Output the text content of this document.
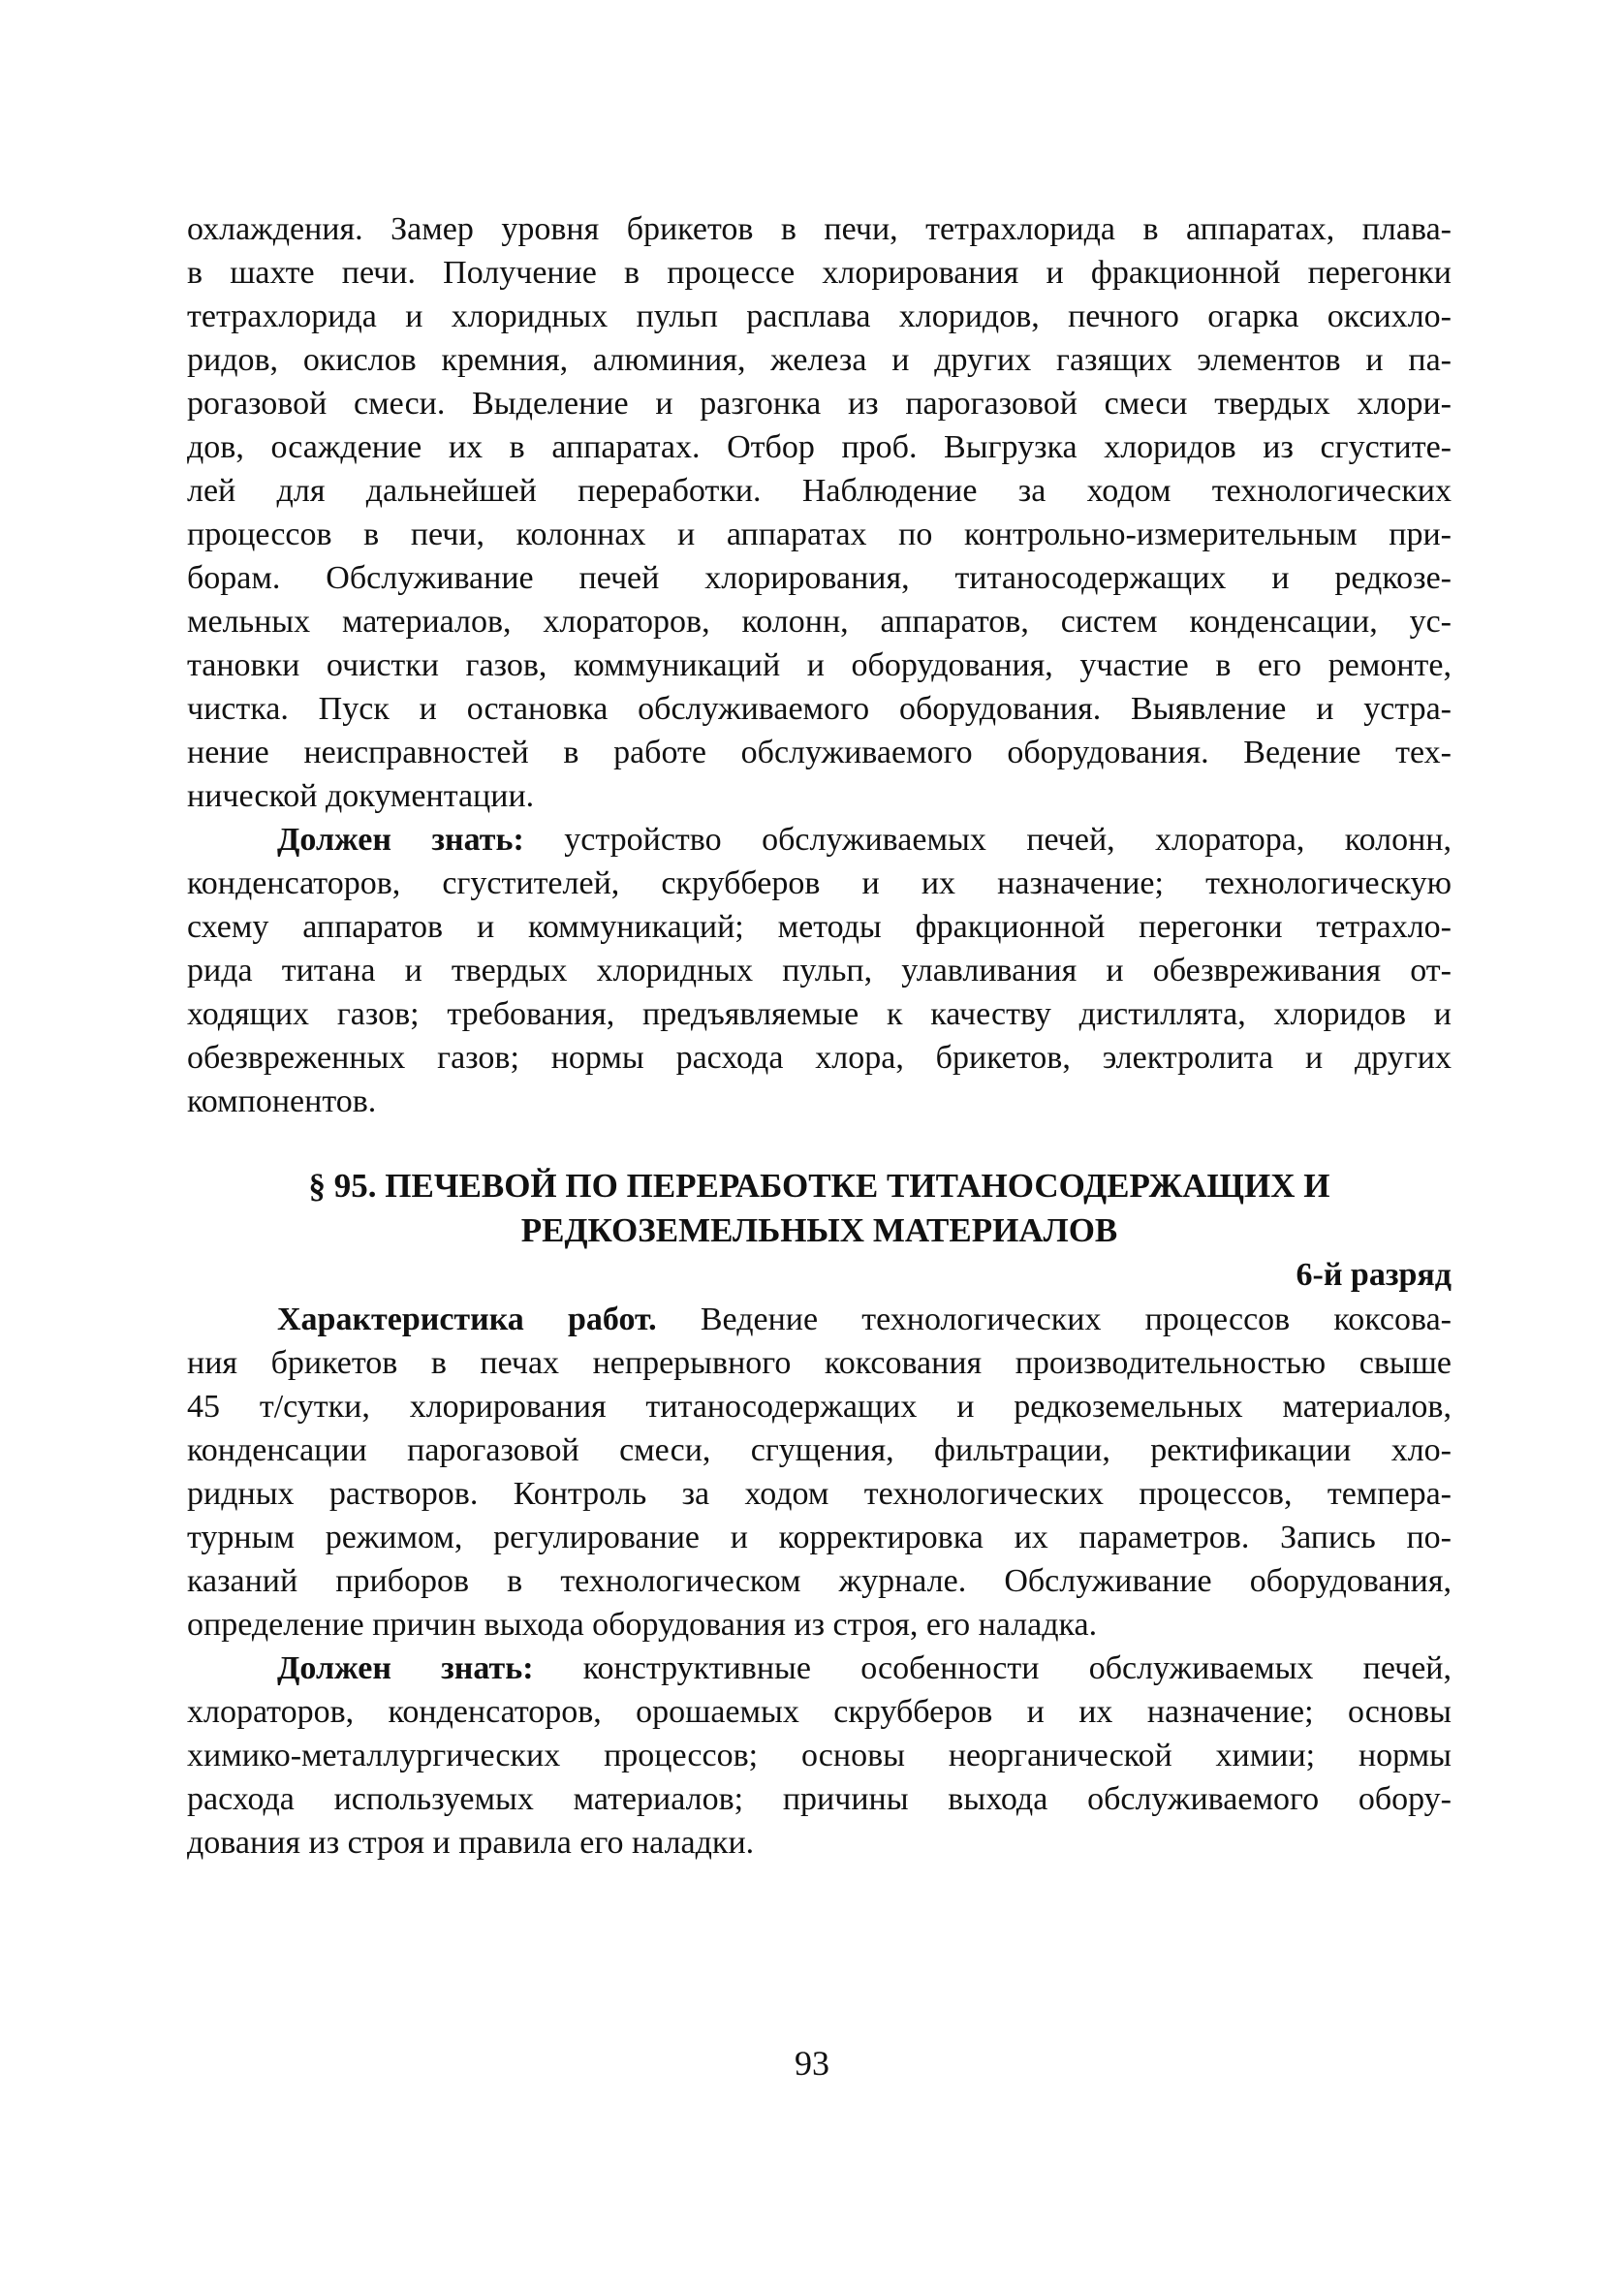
охлаждения. Замер уровня брикетов в печи, тетрахлорида в аппаратах, плава-
в шахте печи. Получение в процессе хлорирования и фракционной перегонки
тетрахлорида и хлоридных пульп расплава хлоридов, печного огарка оксихло-
ридов, окислов кремния, алюминия, железа и других газящих элементов и па-
рогазовой смеси. Выделение и разгонка из парогазовой смеси твердых хлори-
дов, осаждение их в аппаратах. Отбор проб. Выгрузка хлоридов из сгустите-
лей для дальнейшей переработки. Наблюдение за ходом технологических
процессов в печи, колоннах и аппаратах по контрольно-измерительным при-
борам. Обслуживание печей хлорирования, титаносодержащих и редкозе-
мельных материалов, хлораторов, колонн, аппаратов, систем конденсации, ус-
тановки очистки газов, коммуникаций и оборудования, участие в его ремонте,
чистка. Пуск и остановка обслуживаемого оборудования. Выявление и устра-
нение неисправностей в работе обслуживаемого оборудования. Ведение тех-
нической документации.
Должен знать: устройство обслуживаемых печей, хлоратора, колонн,
конденсаторов, сгустителей, скрубберов и их назначение; технологическую
схему аппаратов и коммуникаций; методы фракционной перегонки тетрахло-
рида титана и твердых хлоридных пульп, улавливания и обезвреживания от-
ходящих газов; требования, предъявляемые к качеству дистиллята, хлоридов и
обезвреженных газов; нормы расхода хлора, брикетов, электролита и других
компонентов.
§ 95. ПЕЧЕВОЙ ПО ПЕРЕРАБОТКЕ ТИТАНОСОДЕРЖАЩИХ И
РЕДКОЗЕМЕЛЬНЫХ МАТЕРИАЛОВ
6-й разряд
Характеристика работ. Ведение технологических процессов коксова-
ния брикетов в печах непрерывного коксования производительностью свыше
45 т/сутки, хлорирования титаносодержащих и редкоземельных материалов,
конденсации парогазовой смеси, сгущения, фильтрации, ректификации хло-
ридных растворов. Контроль за ходом технологических процессов, темпера-
турным режимом, регулирование и корректировка их параметров. Запись по-
казаний приборов в технологическом журнале. Обслуживание оборудования,
определение причин выхода оборудования из строя, его наладка.
Должен знать: конструктивные особенности обслуживаемых печей,
хлораторов, конденсаторов, орошаемых скрубберов и их назначение; основы
химико-металлургических процессов; основы неорганической химии; нормы
расхода используемых материалов; причины выхода обслуживаемого обору-
дования из строя и правила его наладки.
93
